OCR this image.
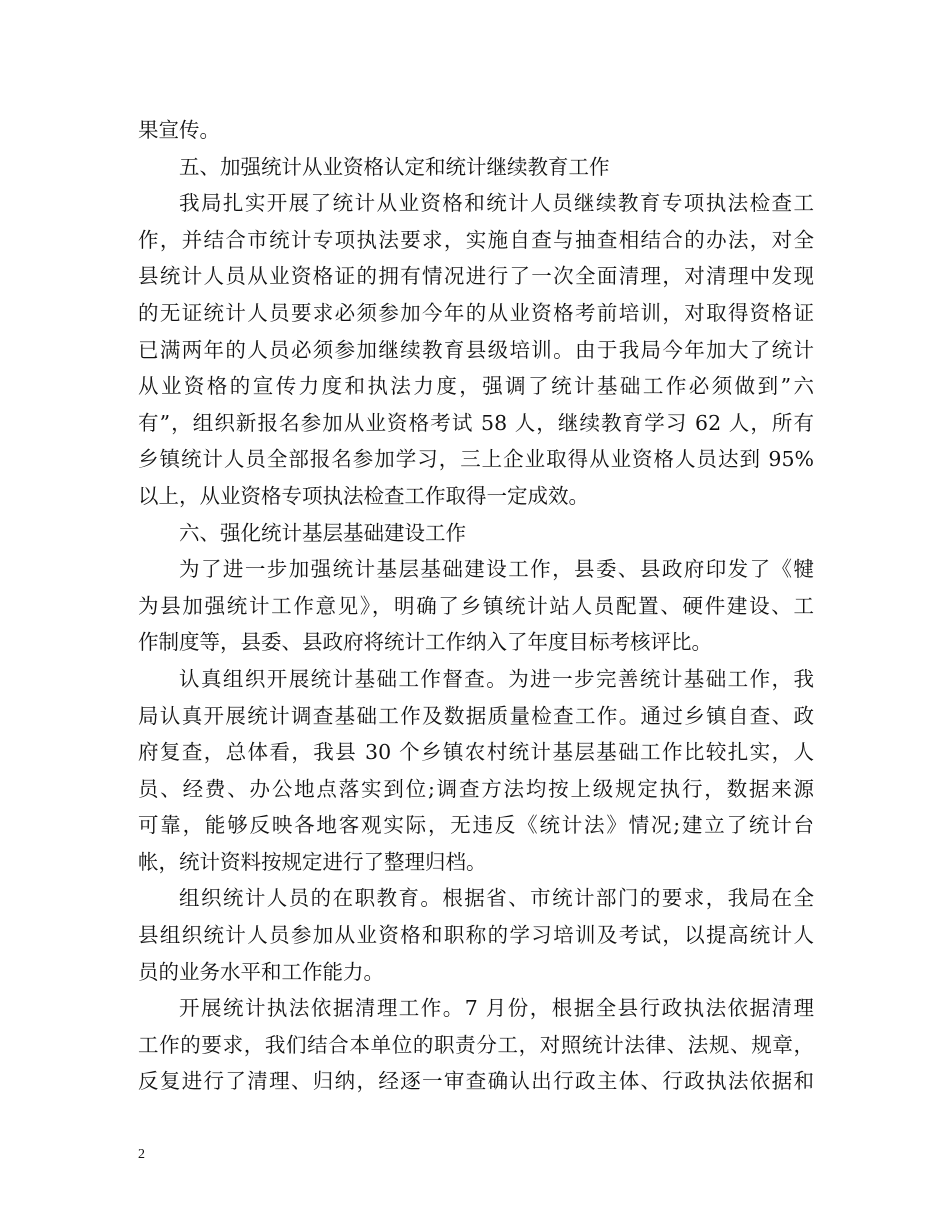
果宣传。
五、加强统计从业资格认定和统计继续教育工作
我局扎实开展了统计从业资格和统计人员继续教育专项执法检查工
作，并结合市统计专项执法要求，实施自查与抽查相结合的办法，对全
县统计人员从业资格证的拥有情况进行了一次全面清理，对清理中发现
的无证统计人员要求必须参加今年的从业资格考前培训，对取得资格证
已满两年的人员必须参加继续教育县级培训。由于我局今年加大了统计
从业资格的宣传力度和执法力度，强调了统计基础工作必须做到”六
有”，组织新报名参加从业资格考试 58 人，继续教育学习 62 人，所有
乡镇统计人员全部报名参加学习，三上企业取得从业资格人员达到 95%
以上，从业资格专项执法检查工作取得一定成效。
六、强化统计基层基础建设工作
为了进一步加强统计基层基础建设工作，县委、县政府印发了《犍
为县加强统计工作意见》，明确了乡镇统计站人员配置、硬件建设、工
作制度等，县委、县政府将统计工作纳入了年度目标考核评比。
认真组织开展统计基础工作督查。为进一步完善统计基础工作，我
局认真开展统计调查基础工作及数据质量检查工作。通过乡镇自查、政
府复查，总体看，我县 30 个乡镇农村统计基层基础工作比较扎实，人
员、经费、办公地点落实到位;调查方法均按上级规定执行，数据来源
可靠，能够反映各地客观实际，无违反《统计法》情况;建立了统计台
帐，统计资料按规定进行了整理归档。
组织统计人员的在职教育。根据省、市统计部门的要求，我局在全
县组织统计人员参加从业资格和职称的学习培训及考试，以提高统计人
员的业务水平和工作能力。
开展统计执法依据清理工作。7 月份，根据全县行政执法依据清理
工作的要求，我们结合本单位的职责分工，对照统计法律、法规、规章，
反复进行了清理、归纳，经逐一审查确认出行政主体、行政执法依据和
2
